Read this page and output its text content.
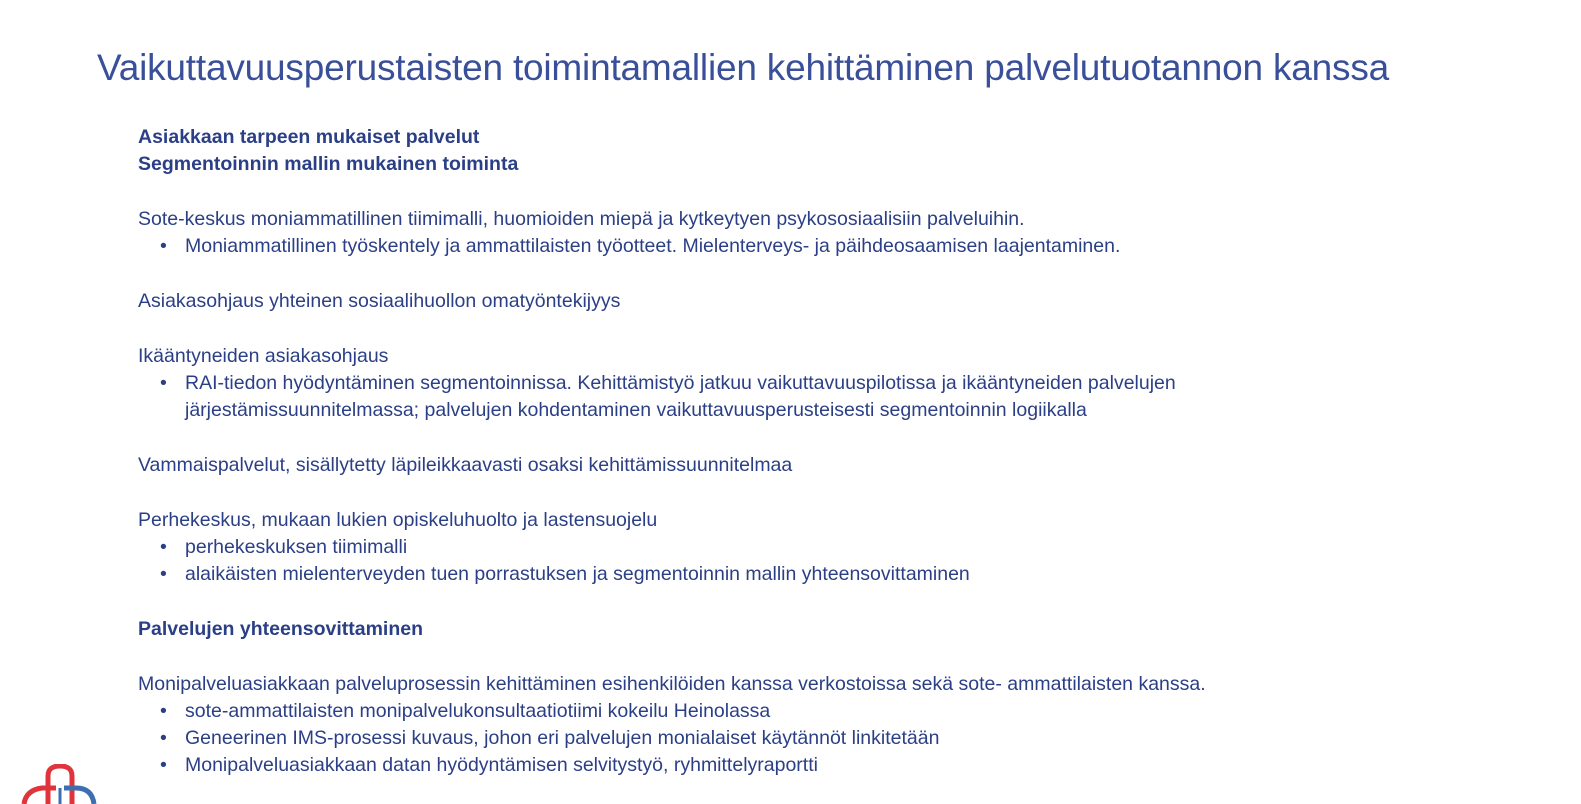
Vaikuttavuusperustaisten toimintamallien kehittäminen palvelutuotannon kanssa
Asiakkaan tarpeen mukaiset palvelut
Segmentoinnin mallin mukainen toiminta
Sote-keskus moniammatillinen tiimimalli, huomioiden miepä ja kytkeytyen psykososiaalisiin palveluihin.
• Moniammatillinen työskentely ja ammattilaisten työotteet. Mielenterveys- ja päihdeosaamisen laajentaminen.
Asiakasohjaus yhteinen sosiaalihuollon omatyöntekijyys
Ikääntyneiden asiakasohjaus
• RAI-tiedon hyödyntäminen segmentoinnissa. Kehittämistyö jatkuu vaikuttavuuspilotissa ja ikääntyneiden palvelujen
järjestämissuunnitelmassa; palvelujen kohdentaminen vaikuttavuusperusteisesti segmentoinnin logiikalla
Vammaispalvelut, sisällytetty läpileikkaavasti osaksi kehittämissuunnitelmaa
Perhekeskus, mukaan lukien opiskeluhuolto ja lastensuojelu
• perhekeskuksen tiimimalli
• alaikäisten mielenterveyden tuen porrastuksen ja segmentoinnin mallin yhteensovittaminen
Palvelujen yhteensovittaminen
Monipalveluasiakkaan palveluprosessin kehittäminen esihenkilöiden kanssa verkostoissa sekä sote- ammattilaisten kanssa.
• sote-ammattilaisten monipalvelukonsultaatiotiimi kokeilu Heinolassa
• Geneerinen IMS-prosessi kuvaus, johon eri palvelujen monialaiset käytännöt linkitetään
• Monipalveluasiakkaan datan hyödyntämisen selvitystyö, ryhmittelyraportti
